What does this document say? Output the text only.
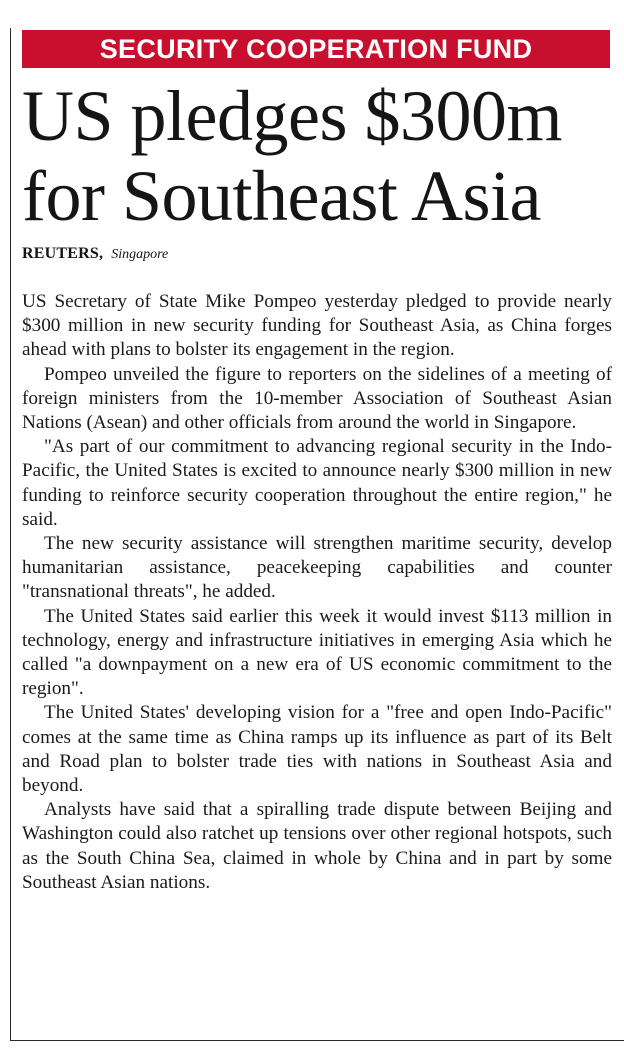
SECURITY COOPERATION FUND
US pledges $300m for Southeast Asia
REUTERS, Singapore

US Secretary of State Mike Pompeo yesterday pledged to provide nearly $300 million in new security funding for Southeast Asia, as China forges ahead with plans to bolster its engagement in the region.

Pompeo unveiled the figure to reporters on the sidelines of a meeting of foreign ministers from the 10-member Association of Southeast Asian Nations (Asean) and other officials from around the world in Singapore.

"As part of our commitment to advancing regional security in the Indo-Pacific, the United States is excited to announce nearly $300 million in new funding to reinforce security cooperation throughout the entire region," he said.

The new security assistance will strengthen maritime security, develop humanitarian assistance, peacekeeping capabilities and counter "transnational threats", he added.

The United States said earlier this week it would invest $113 million in technology, energy and infrastructure initiatives in emerging Asia which he called "a downpayment on a new era of US economic commitment to the region".

The United States' developing vision for a "free and open Indo-Pacific" comes at the same time as China ramps up its influence as part of its Belt and Road plan to bolster trade ties with nations in Southeast Asia and beyond.

Analysts have said that a spiralling trade dispute between Beijing and Washington could also ratchet up tensions over other regional hotspots, such as the South China Sea, claimed in whole by China and in part by some Southeast Asian nations.
